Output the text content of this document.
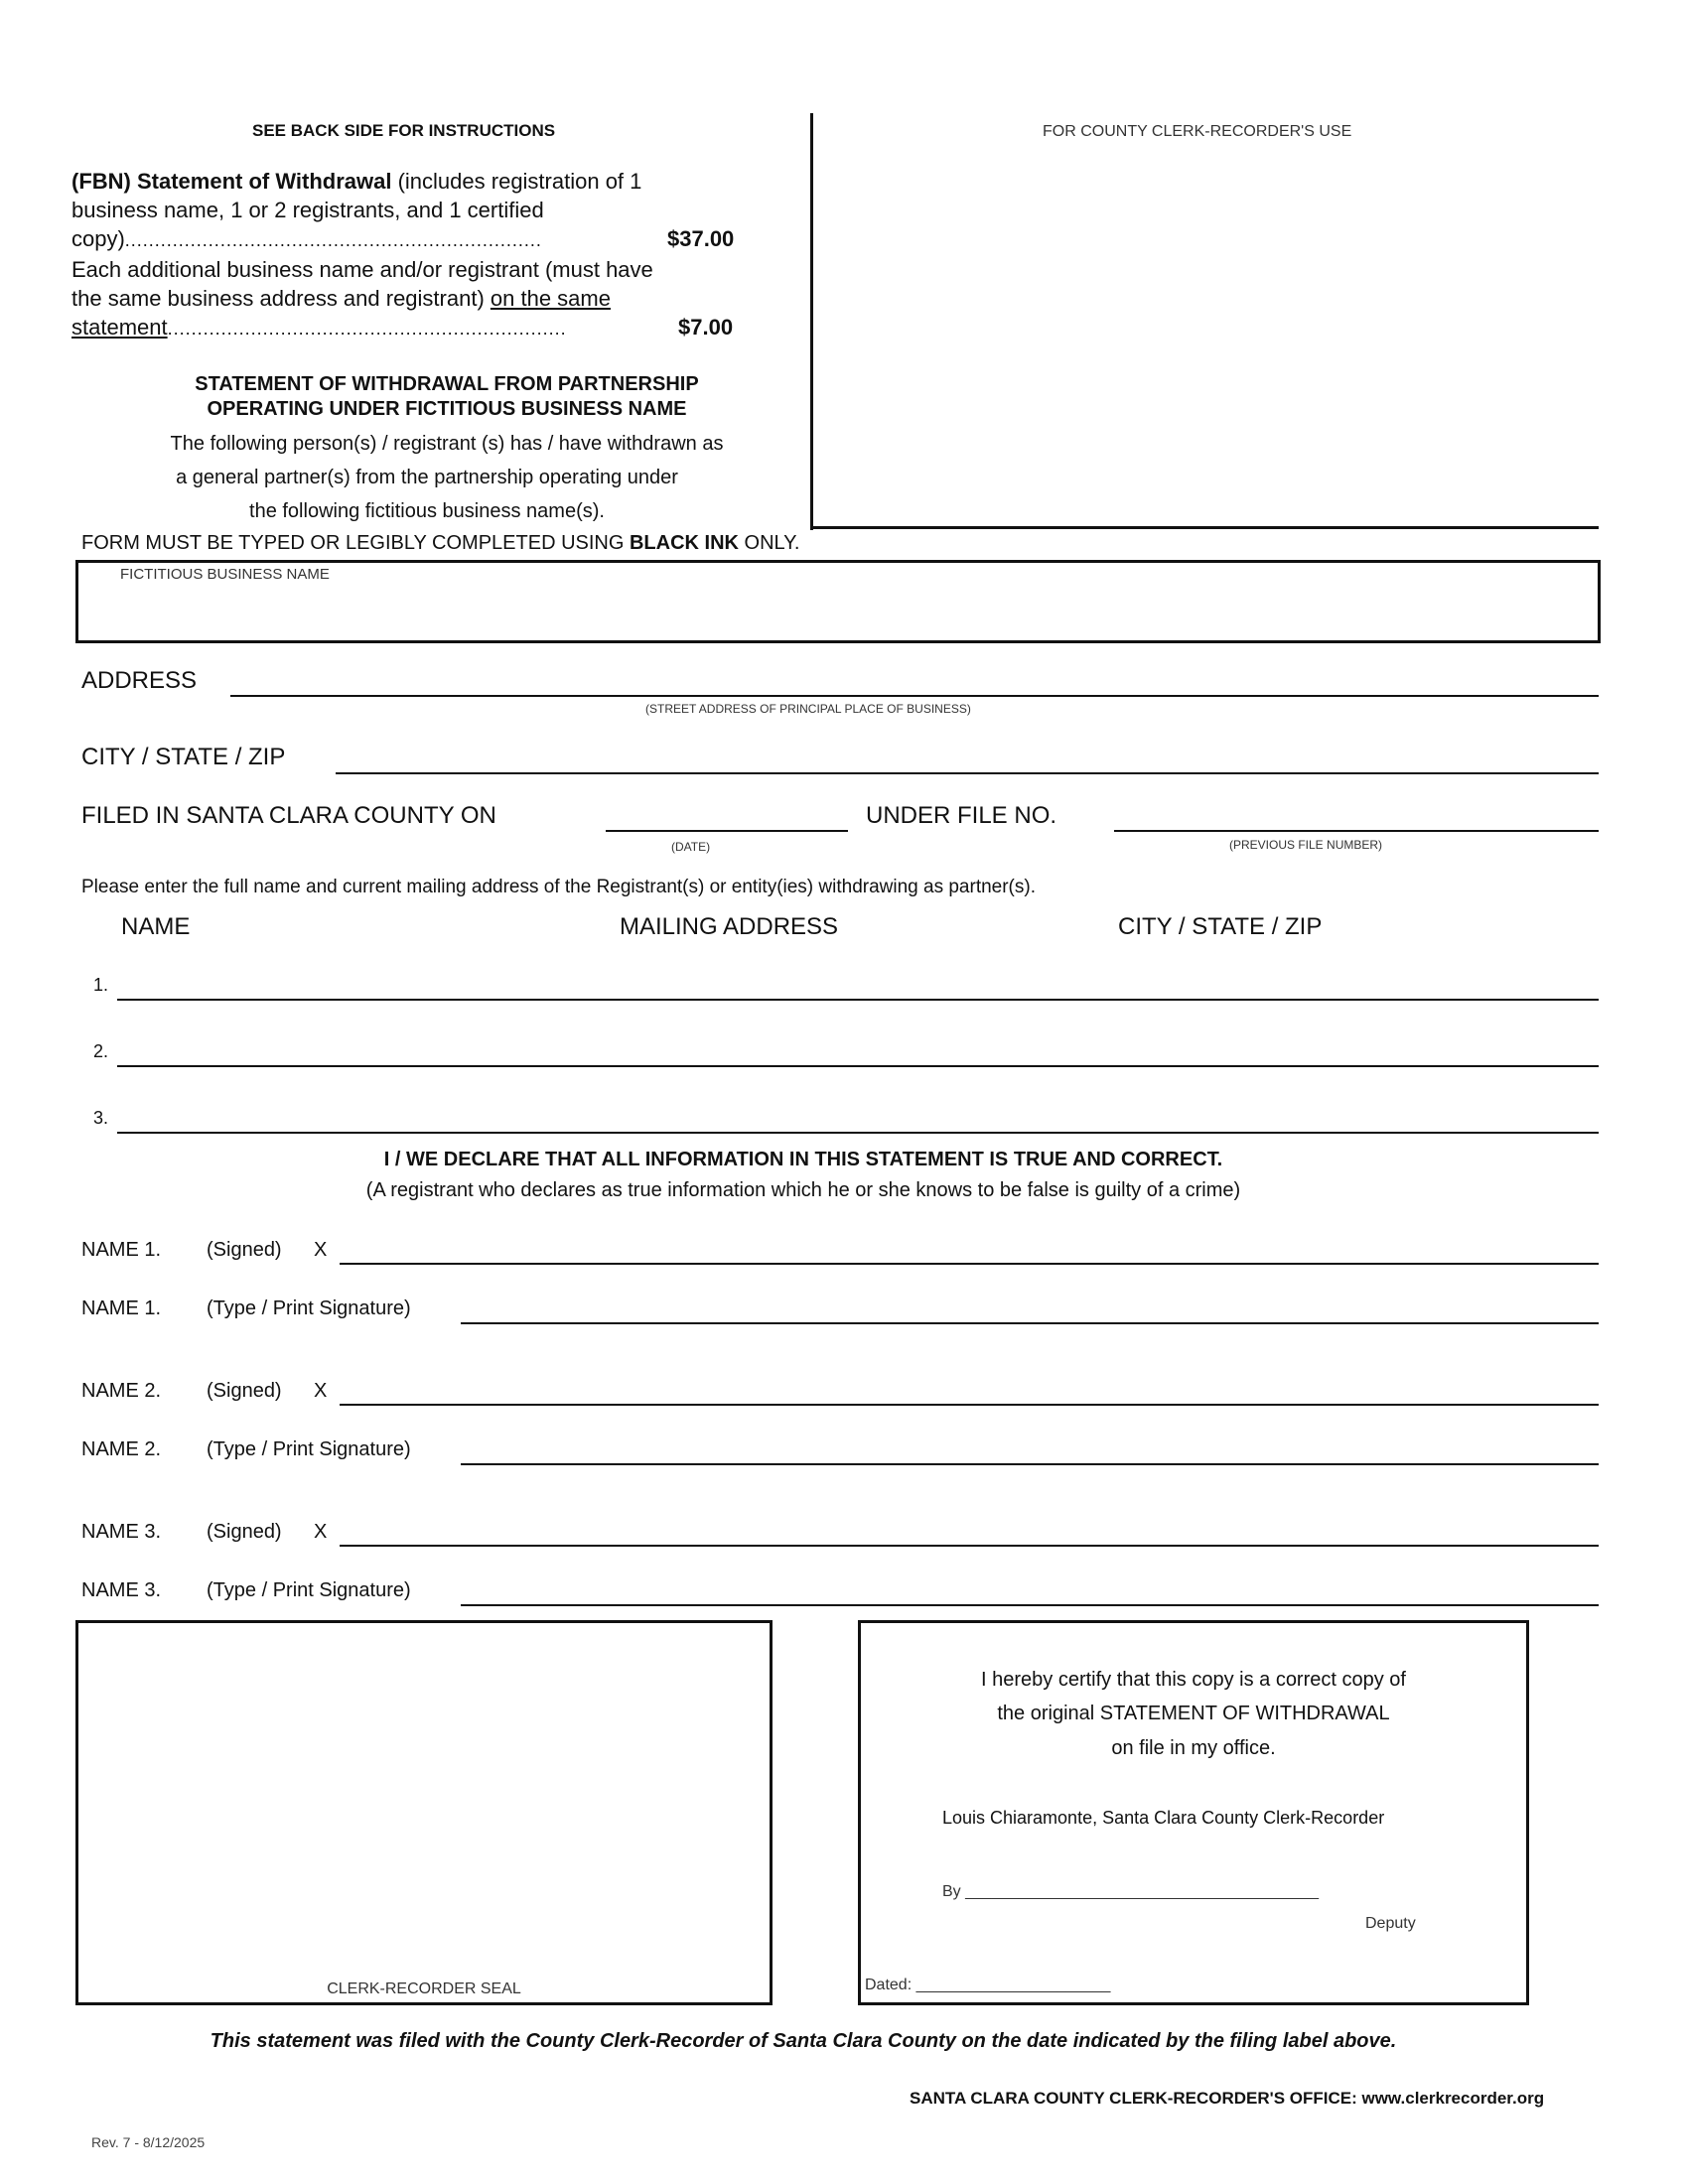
SEE BACK SIDE FOR INSTRUCTIONS	FOR COUNTY CLERK-RECORDER'S USE
(FBN) Statement of Withdrawal (includes registration of 1
business name, 1 or 2 registrants, and 1 certified
copy)......................................................................	$37.00
Each additional business name and/or registrant (must have
the same business address and registrant) on the same
statement...................................................................	$7.00
STATEMENT OF WITHDRAWAL FROM PARTNERSHIP
OPERATING UNDER FICTITIOUS BUSINESS NAME
The following person(s) / registrant (s) has / have withdrawn as
a general partner(s) from the partnership operating under
the following fictitious business name(s).
FORM MUST BE TYPED OR LEGIBLY COMPLETED USING BLACK INK ONLY.
FICTITIOUS BUSINESS NAME
ADDRESS
(STREET ADDRESS OF PRINCIPAL PLACE OF BUSINESS)
CITY / STATE / ZIP
FILED IN SANTA CLARA COUNTY ON
(DATE)
UNDER FILE NO.
(PREVIOUS FILE NUMBER)
Please enter the full name and current mailing address of the Registrant(s) or entity(ies) withdrawing as partner(s).
NAME	MAILING ADDRESS	CITY / STATE / ZIP
1.
2.
3.
I / WE DECLARE THAT ALL INFORMATION IN THIS STATEMENT IS TRUE AND CORRECT.
(A registrant who declares as true information which he or she knows to be false is guilty of a crime)
NAME 1. (Signed) X
NAME 1. (Type / Print Signature)
NAME 2. (Signed) X
NAME 2. (Type / Print Signature)
NAME 3. (Signed) X
NAME 3. (Type / Print Signature)
CLERK-RECORDER SEAL
I hereby certify that this copy is a correct copy of
the original STATEMENT OF WITHDRAWAL
on file in my office.
Louis Chiaramonte, Santa Clara County Clerk-Recorder
By ________________________________________
Deputy
Dated: ______________________
This statement was filed with the County Clerk-Recorder of Santa Clara County on the date indicated by the filing label above.
SANTA CLARA COUNTY CLERK-RECORDER'S OFFICE: www.clerkrecorder.org
Rev. 7 - 8/12/2025
